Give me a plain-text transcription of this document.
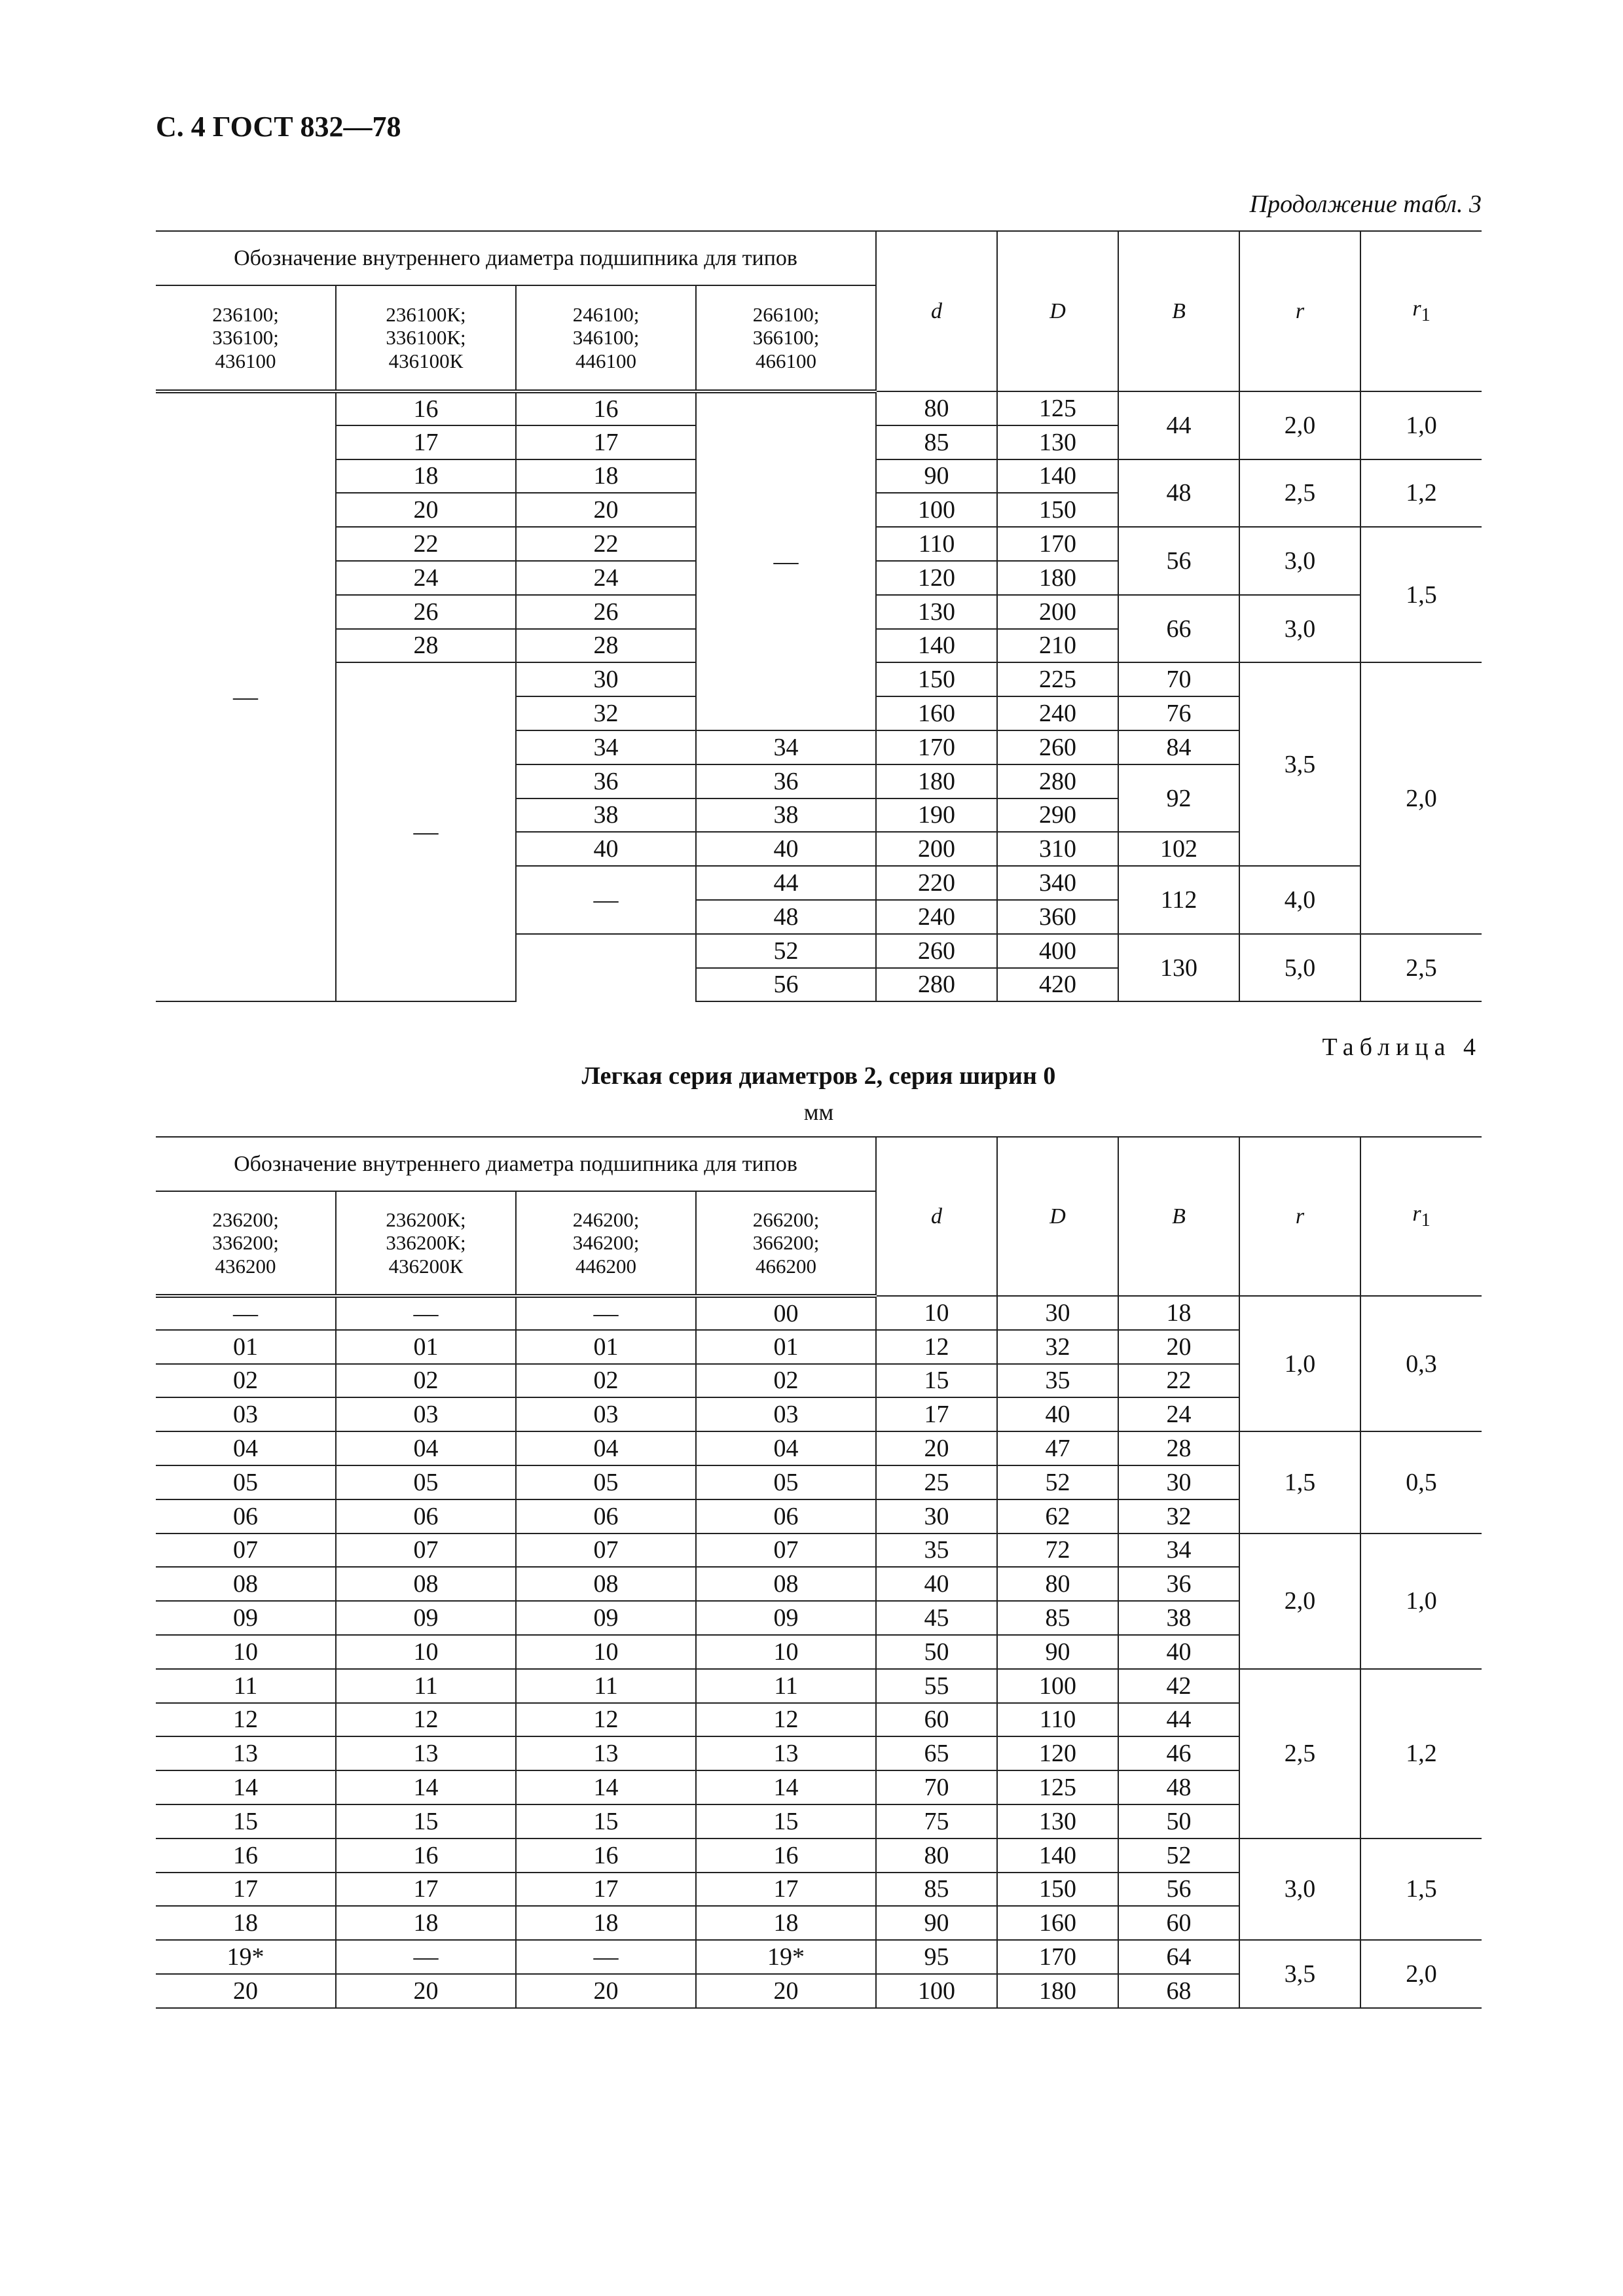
С. 4 ГОСТ 832—78
Продолжение табл. 3
Обозначение внутреннего диаметра подшипника для типов				d	D	B	r	$r_1$
236100;
336100;
436100	236100К;
336100К;
436100К	246100;
346100;
446100	266100;
366100;
466100					
—	16	16	—	80	125	44	2,0	1,0
	17	17		85	130			
	18	18		90	140	48	2,5	1,2
	20	20		100	150			
	22	22		110	170	56	3,0	1,5
	24	24		120	180			
	26	26		130	200	66	3,0	
	28	28		140	210			
	—	30		150	225	70	3,5	2,0
		32		160	240	76		
		34	34	170	260	84		
		36	36	180	280	92		
		38	38	190	290			
		40	40	200	310	102		
		—	44	220	340	112	4,0	
			48	240	360			
			52	260	400	130	5,0	2,5
			56	280	420			
Таблица 4
Легкая серия диаметров 2, серия ширин 0
мм
Обозначение внутреннего диаметра подшипника для типов				d	D	B	r	$r_1$
236200;
336200;
436200	236200К;
336200К;
436200К	246200;
346200;
446200	266200;
366200;
466200					
—	—	—	00	10	30	18	1,0	0,3
01	01	01	01	12	32	20		
02	02	02	02	15	35	22		
03	03	03	03	17	40	24		
04	04	04	04	20	47	28	1,5	0,5
05	05	05	05	25	52	30		
06	06	06	06	30	62	32		
07	07	07	07	35	72	34	2,0	1,0
08	08	08	08	40	80	36		
09	09	09	09	45	85	38		
10	10	10	10	50	90	40		
11	11	11	11	55	100	42	2,5	1,2
12	12	12	12	60	110	44		
13	13	13	13	65	120	46		
14	14	14	14	70	125	48		
15	15	15	15	75	130	50		
16	16	16	16	80	140	52	3,0	1,5
17	17	17	17	85	150	56		
18	18	18	18	90	160	60		
19*	—	—	19*	95	170	64	3,5	2,0
20	20	20	20	100	180	68		
